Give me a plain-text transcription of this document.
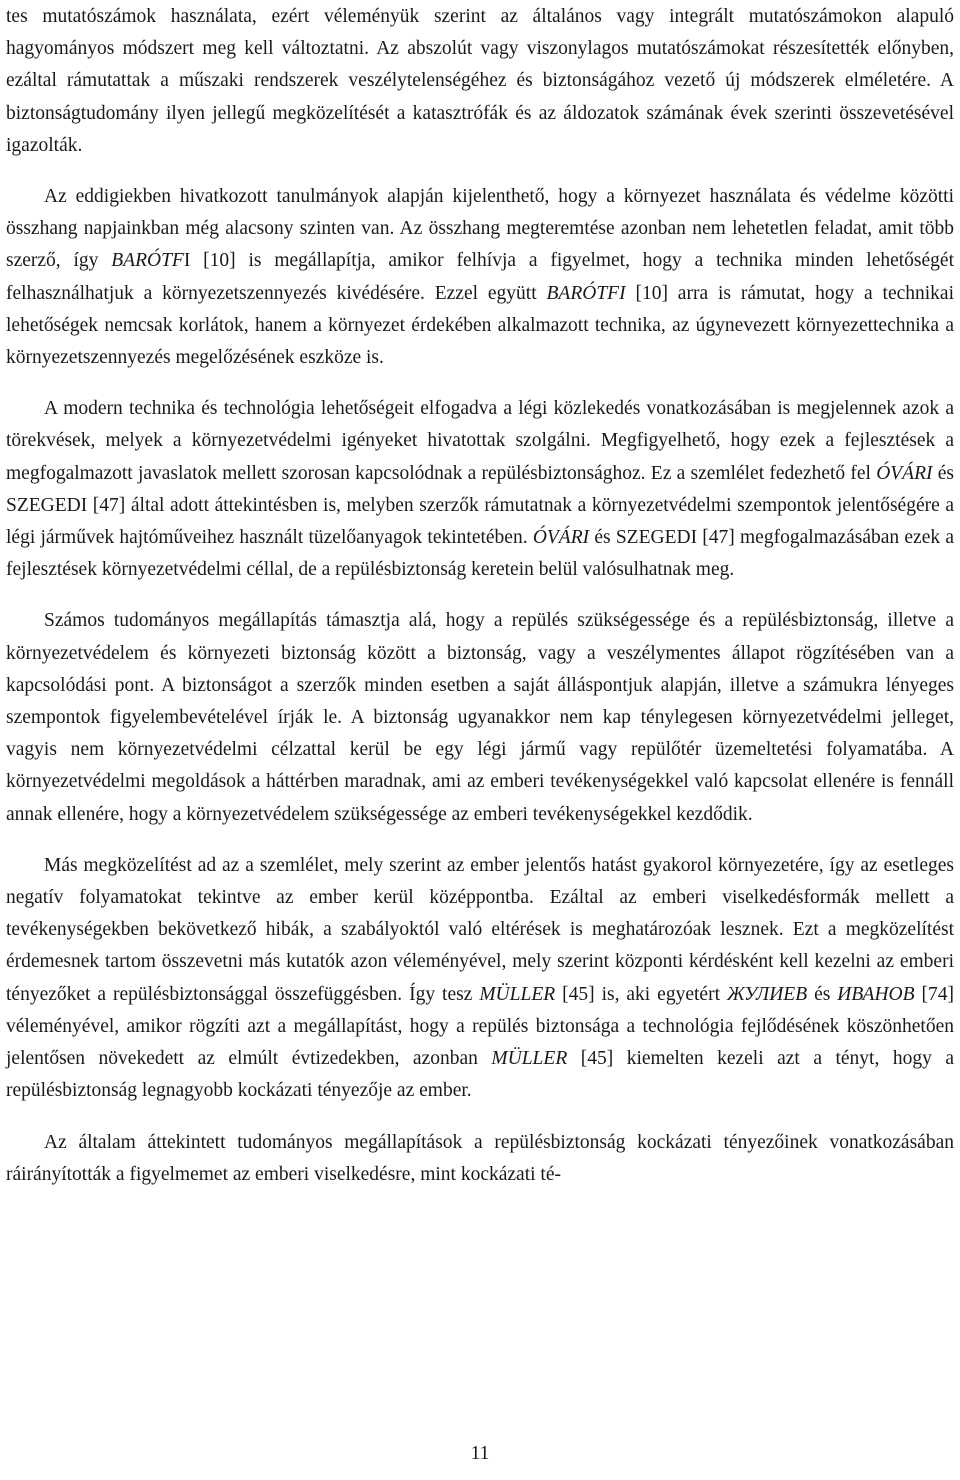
tes mutatószámok használata, ezért véleményük szerint az általános vagy integrált mutatószámokon alapuló hagyományos módszert meg kell változtatni. Az abszolút vagy viszonylagos mutatószámokat részesítették előnyben, ezáltal rámutattak a műszaki rendszerek veszélytelenségéhez és biztonságához vezető új módszerek elméletére. A biztonságtudomány ilyen jellegű megközelítését a katasztrófák és az áldozatok számának évek szerinti összevetésével igazolták.

Az eddigiekben hivatkozott tanulmányok alapján kijelenthető, hogy a környezet használata és védelme közötti összhang napjainkban még alacsony szinten van. Az összhang megteremtése azonban nem lehetetlen feladat, amit több szerző, így BARÓTFI [10] is megállapítja, amikor felhívja a figyelmet, hogy a technika minden lehetőségét felhasználhatjuk a környezetszennyezés kivédésére. Ezzel együtt BARÓTFI [10] arra is rámutat, hogy a technikai lehetőségek nemcsak korlátok, hanem a környezet érdekében alkalmazott technika, az úgynevezett környezettechnika a környezetszennyezés megelőzésének eszköze is.

A modern technika és technológia lehetőségeit elfogadva a légi közlekedés vonatkozásában is megjelennek azok a törekvések, melyek a környezetvédelmi igényeket hivatottak szolgálni. Megfigyelhető, hogy ezek a fejlesztések a megfogalmazott javaslatok mellett szorosan kapcsolódnak a repülésbiztonsághoz. Ez a szemlélet fedezhető fel ÓVÁRI és SZEGEDI [47] által adott áttekintésben is, melyben szerzők rámutatnak a környezetvédelmi szempontok jelentőségére a légi járművek hajtóműveihez használt tüzelőanyagok tekintetében. ÓVÁRI és SZEGEDI [47] megfogalmazásában ezek a fejlesztések környezetvédelmi céllal, de a repülésbiztonság keretein belül valósulhatnak meg.

Számos tudományos megállapítás támasztja alá, hogy a repülés szükségessége és a repülésbiztonság, illetve a környezetvédelem és környezeti biztonság között a biztonság, vagy a veszélymentes állapot rögzítésében van a kapcsolódási pont. A biztonságot a szerzők minden esetben a saját álláspontjuk alapján, illetve a számukra lényeges szempontok figyelembevételével írják le. A biztonság ugyanakkor nem kap ténylegesen környezetvédelmi jelleget, vagyis nem környezetvédelmi célzattal kerül be egy légi jármű vagy repülőtér üzemeltetési folyamatába. A környezetvédelmi megoldások a háttérben maradnak, ami az emberi tevékenységekkel való kapcsolat ellenére is fennáll annak ellenére, hogy a környezetvédelem szükségessége az emberi tevékenységekkel kezdődik.

Más megközelítést ad az a szemlélet, mely szerint az ember jelentős hatást gyakorol környezetére, így az esetleges negatív folyamatokat tekintve az ember kerül középpontba. Ezáltal az emberi viselkedésformák mellett a tevékenységekben bekövetkező hibák, a szabályoktól való eltérések is meghatározóak lesznek. Ezt a megközelítést érdemesnek tartom összevetni más kutatók azon véleményével, mely szerint központi kérdésként kell kezelni az emberi tényezőket a repülésbiztonsággal összefüggésben. Így tesz MÜLLER [45] is, aki egyetért ЖУЛИЕВ és ИВАНОВ [74] véleményével, amikor rögzíti azt a megállapítást, hogy a repülés biztonsága a technológia fejlődésének köszönhetően jelentősen növekedett az elmúlt évtizedekben, azonban MÜLLER [45] kiemelten kezeli azt a tényt, hogy a repülésbiztonság legnagyobb kockázati tényezője az ember.

Az általam áttekintett tudományos megállapítások a repülésbiztonság kockázati tényezőinek vonatkozásában ráirányították a figyelmemet az emberi viselkedésre, mint kockázati té-

11
